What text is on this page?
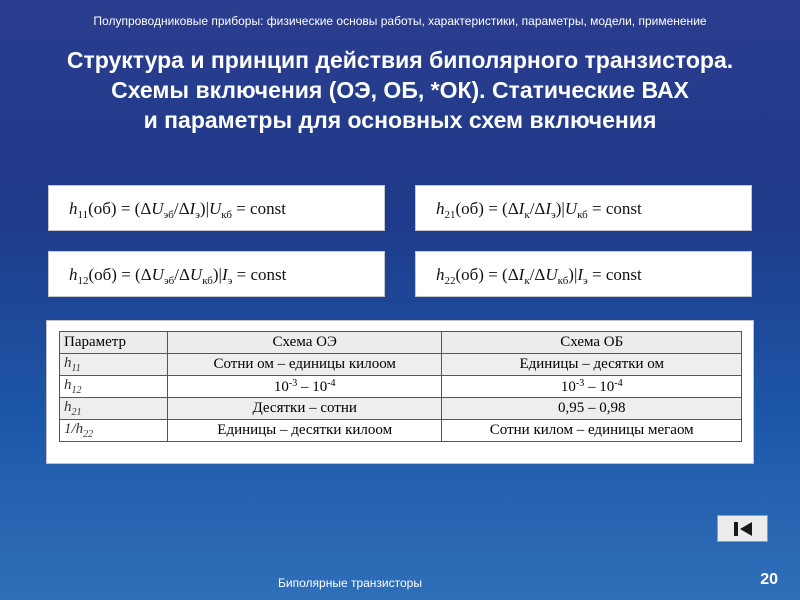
Полупроводниковые приборы: физические основы работы, характеристики, параметры, модели, применение
Структура и принцип действия биполярного транзистора.
Схемы включения (ОЭ, ОБ, *ОК). Статические ВАХ
и параметры для основных схем включения
$h_{11}(об) = (\Delta U_{эб}/\Delta I_э)|U_{кб}$ = const	$h_{21}(об) = (\Delta I_к/\Delta I_э)|U_{кб}$ = const
$h_{12}(об) = (\Delta U_{эб}/\Delta U_{кб})|I_э$ = const	$h_{22}(об) = (\Delta I_к/\Delta U_{кб})|I_э$ = const
Параметр	Схема ОЭ	Схема ОБ
$h_{11}$	Сотни ом – единицы килоом	Единицы – десятки ом
$h_{12}$	$10^{-3} - 10^{-4}$	$10^{-3} - 10^{-4}$
$h_{21}$	Десятки – сотни	0,95 – 0,98
$1/h_{22}$	Единицы – десятки килоом	Сотни килом – единицы мегаом
Биполярные транзисторы	20
